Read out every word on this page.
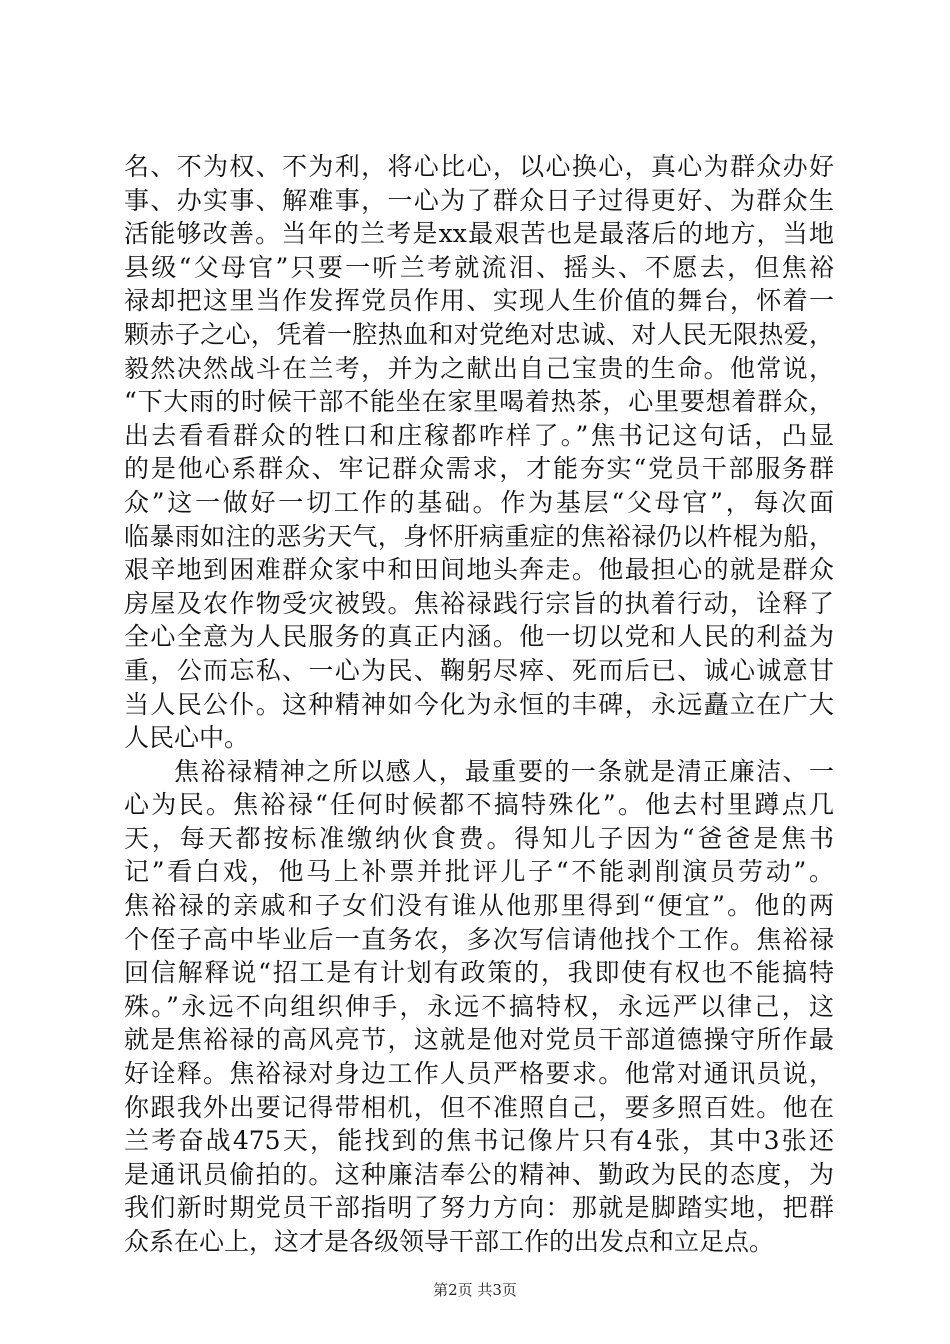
名、不为权、不为利，将心比心，以心换心，真心为群众办好
事、办实事、解难事，一心为了群众日子过得更好、为群众生
活能够改善。当年的兰考是xx最艰苦也是最落后的地方，当地
县级“父母官”只要一听兰考就流泪、摇头、不愿去，但焦裕
禄却把这里当作发挥党员作用、实现人生价值的舞台，怀着一
颗赤子之心，凭着一腔热血和对党绝对忠诚、对人民无限热爱，
毅然决然战斗在兰考，并为之献出自己宝贵的生命。他常说，
“下大雨的时候干部不能坐在家里喝着热茶，心里要想着群众，
出去看看群众的牲口和庄稼都咋样了。”焦书记这句话，凸显
的是他心系群众、牢记群众需求，才能夯实“党员干部服务群
众”这一做好一切工作的基础。作为基层“父母官”，每次面
临暴雨如注的恶劣天气，身怀肝病重症的焦裕禄仍以杵棍为船，
艰辛地到困难群众家中和田间地头奔走。他最担心的就是群众
房屋及农作物受灾被毁。焦裕禄践行宗旨的执着行动，诠释了
全心全意为人民服务的真正内涵。他一切以党和人民的利益为
重，公而忘私、一心为民、鞠躬尽瘁、死而后已、诚心诚意甘
当人民公仆。这种精神如今化为永恒的丰碑，永远矗立在广大
人民心中。
焦裕禄精神之所以感人，最重要的一条就是清正廉洁、一
心为民。焦裕禄“任何时候都不搞特殊化”。他去村里蹲点几
天，每天都按标准缴纳伙食费。得知儿子因为“爸爸是焦书
记”看白戏，他马上补票并批评儿子“不能剥削演员劳动”。
焦裕禄的亲戚和子女们没有谁从他那里得到“便宜”。他的两
个侄子高中毕业后一直务农，多次写信请他找个工作。焦裕禄
回信解释说“招工是有计划有政策的，我即使有权也不能搞特
殊。”永远不向组织伸手，永远不搞特权，永远严以律己，这
就是焦裕禄的高风亮节，这就是他对党员干部道德操守所作最
好诠释。焦裕禄对身边工作人员严格要求。他常对通讯员说，
你跟我外出要记得带相机，但不准照自己，要多照百姓。他在
兰考奋战475天，能找到的焦书记像片只有4张，其中3张还
是通讯员偷拍的。这种廉洁奉公的精神、勤政为民的态度，为
我们新时期党员干部指明了努力方向：那就是脚踏实地，把群
众系在心上，这才是各级领导干部工作的出发点和立足点。
第2页 共3页
